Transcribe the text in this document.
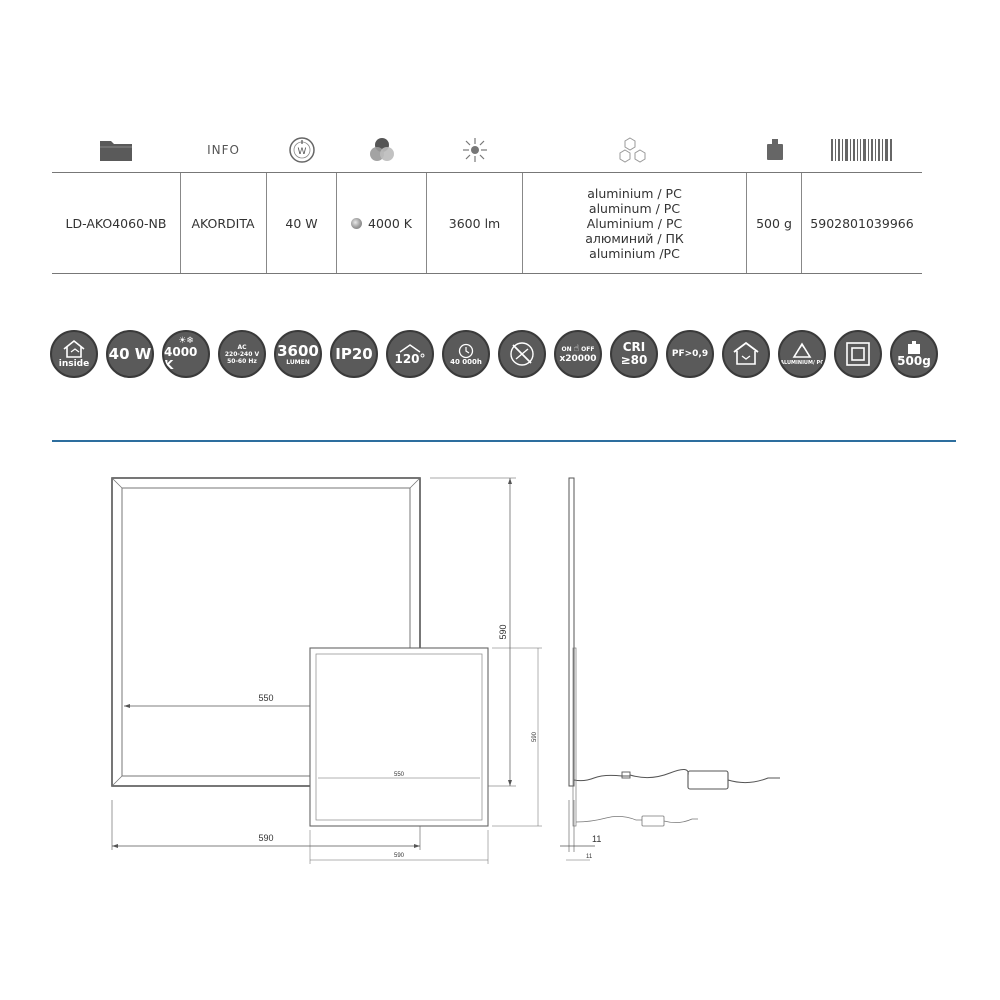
INFO	W
LD-AKO4060-NB AKORDITA 40 W	4000 K	3600 lm
aluminium / PC
aluminum / PC
Aluminium / PC
алюминий / ПК
aluminium /PC
500 g 5902801039966
inside
40 W
☀❄
4000 K
AC
220-240 V
50-60 Hz
3600
LUMEN IP20 120°	40 000h
ON ☝ OFF
x20000
CRI
≥80	PF>0,9
ALUMINIUM/ PC	500g
550
590
590
550
590
590
11
11
